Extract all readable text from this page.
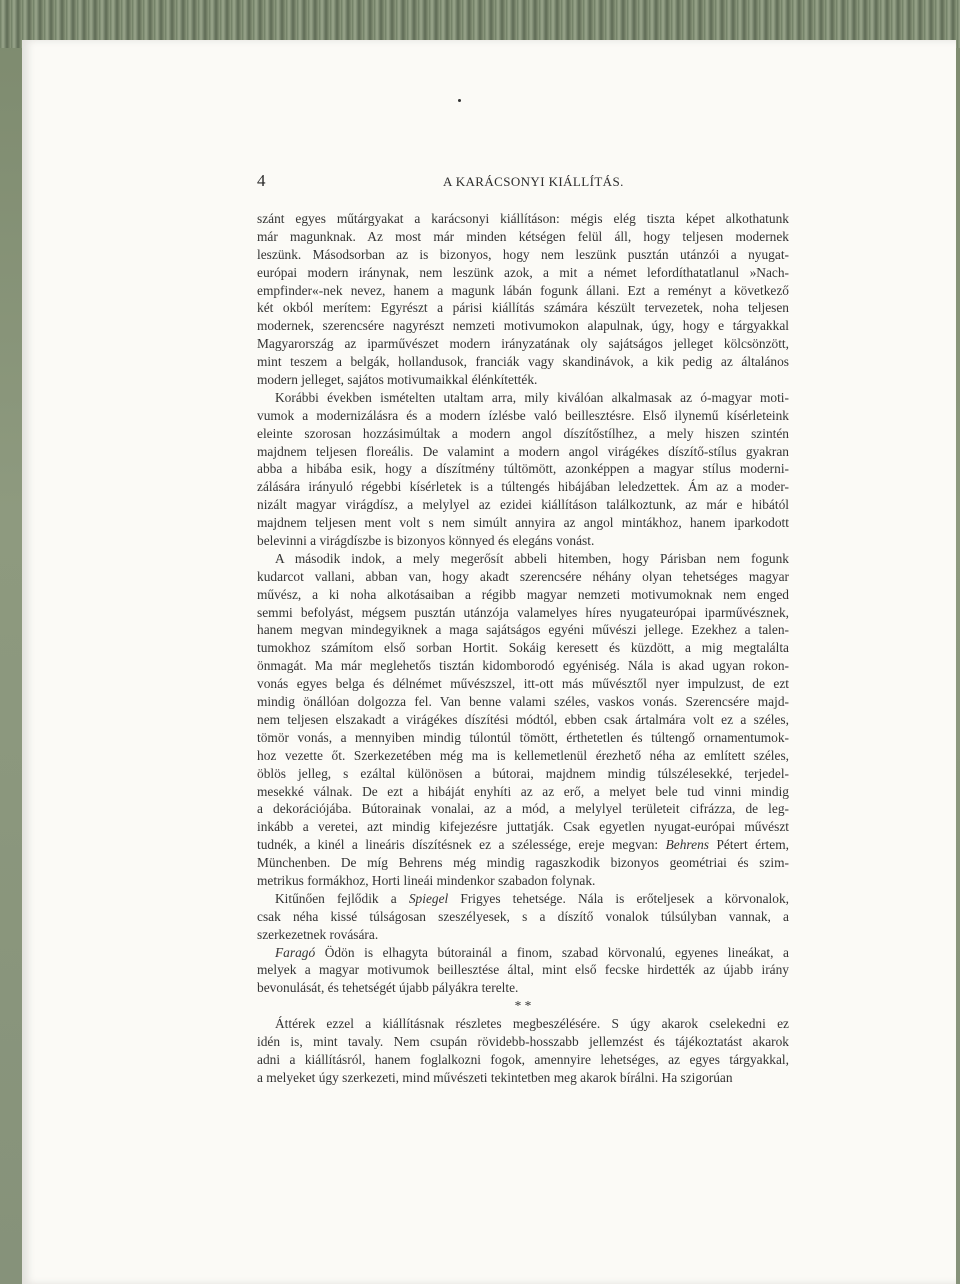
4	A KARÁCSONYI KIÁLLÍTÁS.
szánt egyes műtárgyakat a karácsonyi kiállításon: mégis elég tiszta képet alkothatunk
már magunknak. Az most már minden kétségen felül áll, hogy teljesen modernek
leszünk. Másodsorban az is bizonyos, hogy nem leszünk pusztán utánzói a nyugat-
európai modern iránynak, nem leszünk azok, a mit a német lefordíthatatlanul »Nach-
empfinder«-nek nevez, hanem a magunk lábán fogunk állani. Ezt a reményt a következő
két okból merítem: Egyrészt a párisi kiállítás számára készült tervezetek, noha teljesen
modernek, szerencsére nagyrészt nemzeti motivumokon alapulnak, úgy, hogy e tárgyakkal
Magyarország az iparművészet modern irányzatának oly sajátságos jelleget kölcsönzött,
mint teszem a belgák, hollandusok, franciák vagy skandinávok, a kik pedig az általános
modern jelleget, sajátos motivumaikkal élénkítették.
Korábbi években ismételten utaltam arra, mily kiválóan alkalmasak az ó-magyar moti-
vumok a modernizálásra és a modern ízlésbe való beillesztésre. Első ilynemű kísérleteink
eleinte szorosan hozzásimúltak a modern angol díszítőstílhez, a mely hiszen szintén
majdnem teljesen floreális. De valamint a modern angol virágékes díszítő-stílus gyakran
abba a hibába esik, hogy a díszítmény túltömött, azonképpen a magyar stílus moderni-
zálására irányuló régebbi kísérletek is a túltengés hibájában leledzettek. Ám az a moder-
nizált magyar virágdísz, a melylyel az ezidei kiállításon találkoztunk, az már e hibától
majdnem teljesen ment volt s nem simúlt annyira az angol mintákhoz, hanem iparkodott
belevinni a virágdíszbe is bizonyos könnyed és elegáns vonást.
A második indok, a mely megerősít abbeli hitemben, hogy Párisban nem fogunk
kudarcot vallani, abban van, hogy akadt szerencsére néhány olyan tehetséges magyar
művész, a ki noha alkotásaiban a régibb magyar nemzeti motivumoknak nem enged
semmi befolyást, mégsem pusztán utánzója valamelyes híres nyugateurópai iparművésznek,
hanem megvan mindegyiknek a maga sajátságos egyéni művészi jellege. Ezekhez a talen-
tumokhoz számítom első sorban Hortit. Sokáig keresett és küzdött, a mig megtalálta
önmagát. Ma már meglehetős tisztán kidomborodó egyéniség. Nála is akad ugyan rokon-
vonás egyes belga és délnémet művészszel, itt-ott más művésztől nyer impulzust, de ezt
mindig önállóan dolgozza fel. Van benne valami széles, vaskos vonás. Szerencsére majd-
nem teljesen elszakadt a virágékes díszítési módtól, ebben csak ártalmára volt ez a széles,
tömör vonás, a mennyiben mindig túlontúl tömött, érthetetlen és túltengő ornamentumok-
hoz vezette őt. Szerkezetében még ma is kellemetlenül érezhető néha az említett széles,
öblös jelleg, s ezáltal különösen a bútorai, majdnem mindig túlszélesekké, terjedel-
mesekké válnak. De ezt a hibáját enyhíti az az erő, a melyet bele tud vinni mindig
a dekorációjába. Bútorainak vonalai, az a mód, a melylyel területeit cifrázza, de leg-
inkább a veretei, azt mindig kifejezésre juttatják. Csak egyetlen nyugat-európai művészt
tudnék, a kinél a lineáris díszítésnek ez a szélessége, ereje megvan: Behrens Pétert értem,
Münchenben. De míg Behrens még mindig ragaszkodik bizonyos geométriai és szim-
metrikus formákhoz, Horti lineái mindenkor szabadon folynak.
Kitűnően fejlődik a Spiegel Frigyes tehetsége. Nála is erőteljesek a körvonalok,
csak néha kissé túlságosan szeszélyesek, s a díszítő vonalok túlsúlyban vannak, a
szerkezetnek rovására.
Faragó Ödön is elhagyta bútorainál a finom, szabad körvonalú, egyenes lineákat, a
melyek a magyar motivumok beillesztése által, mint első fecske hirdették az újabb irány
bevonulását, és tehetségét újabb pályákra terelte.
* *
Áttérek ezzel a kiállításnak részletes megbeszélésére. S úgy akarok cselekedni ez
idén is, mint tavaly. Nem csupán rövidebb-hosszabb jellemzést és tájékoztatást akarok
adni a kiállításról, hanem foglalkozni fogok, amennyire lehetséges, az egyes tárgyakkal,
a melyeket úgy szerkezeti, mind művészeti tekintetben meg akarok bírálni. Ha szigorúan
